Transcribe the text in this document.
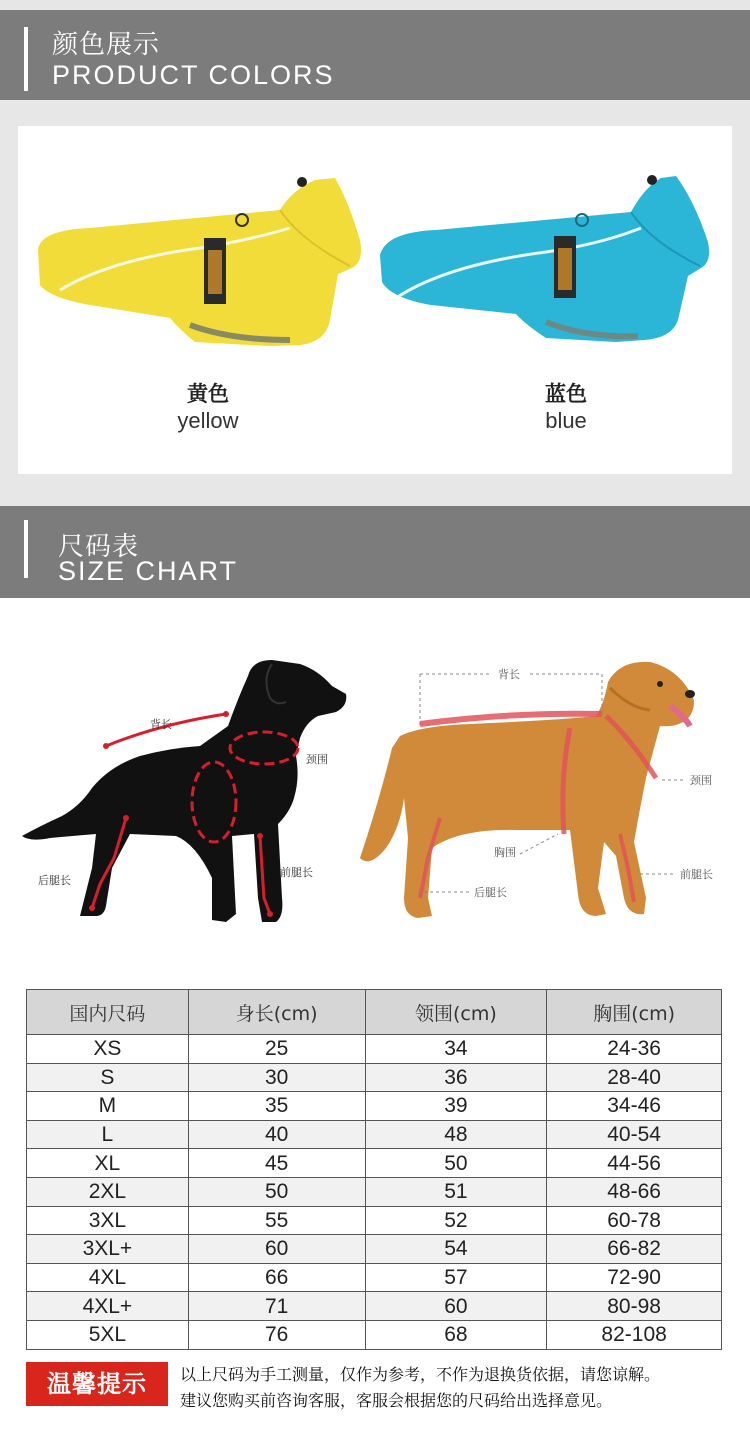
颜色展示
PRODUCT COLORS
黄色
yellow
蓝色
blue
尺码表
SIZE CHART
背长
颈围
后腿长
前腿长
背长
颈围
胸围
后腿长
前腿长
国内尺码	身长(cm)	领围(cm)	胸围(cm)
XS	25	34	24-36
S	30	36	28-40
M	35	39	34-46
L	40	48	40-54
XL	45	50	44-56
2XL	50	51	48-66
3XL	55	52	60-78
3XL+	60	54	66-82
4XL	66	57	72-90
4XL+	71	60	80-98
5XL	76	68	82-108
温馨提示	以上尺码为手工测量，仅作为参考，不作为退换货依据，请您谅解。
建议您购买前咨询客服，客服会根据您的尺码给出选择意见。
